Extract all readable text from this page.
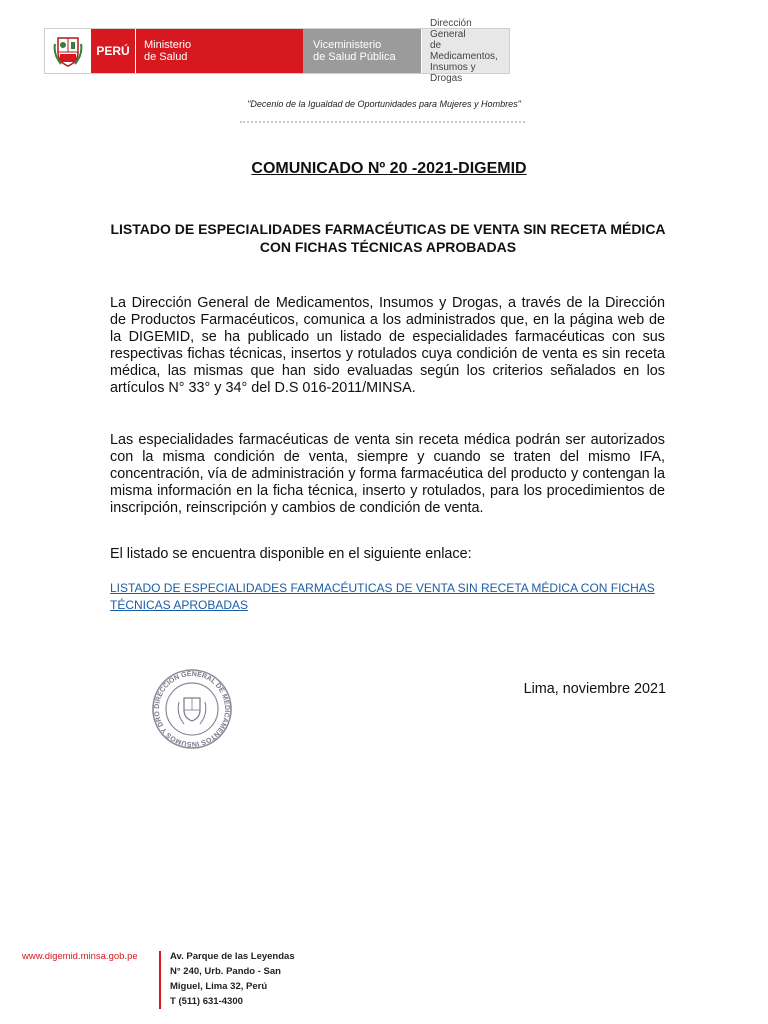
PERÚ	Ministerio
de Salud
Viceministerio
de Salud Pública
Dirección General
de Medicamentos,
Insumos y Drogas
"Decenio de la Igualdad de Oportunidades para Mujeres y Hombres"
COMUNICADO Nº 20 -2021-DIGEMID
LISTADO DE ESPECIALIDADES FARMACÉUTICAS DE VENTA SIN RECETA MÉDICA CON FICHAS TÉCNICAS APROBADAS
La Dirección General de Medicamentos, Insumos y Drogas, a través de la Dirección de Productos Farmacéuticos, comunica a los administrados que, en la página web de la DIGEMID, se ha publicado un listado de especialidades farmacéuticas con sus respectivas fichas técnicas, insertos y rotulados cuya condición de venta es sin receta médica, las mismas que han sido evaluadas según los criterios señalados en los artículos N° 33° y 34° del D.S 016-2011/MINSA.
Las especialidades farmacéuticas de venta sin receta médica podrán ser autorizados con la misma condición de venta, siempre y cuando se traten del mismo IFA, concentración, vía de administración y forma farmacéutica del producto y contengan la misma información en la ficha técnica, inserto y rotulados, para los procedimientos de inscripción, reinscripción y cambios de condición de venta.
El listado se encuentra disponible en el siguiente enlace:
LISTADO DE ESPECIALIDADES FARMACÉUTICAS DE VENTA SIN RECETA MÉDICA CON FICHAS TÉCNICAS APROBADAS
DIRECCIÓN GENERAL DE MEDICAMENTOS INSUMOS Y DRO
Lima, noviembre 2021
www.digemid.minsa.gob.pe	Av. Parque de las Leyendas
N° 240, Urb. Pando - San
Miguel, Lima 32, Perú
T (511) 631-4300
